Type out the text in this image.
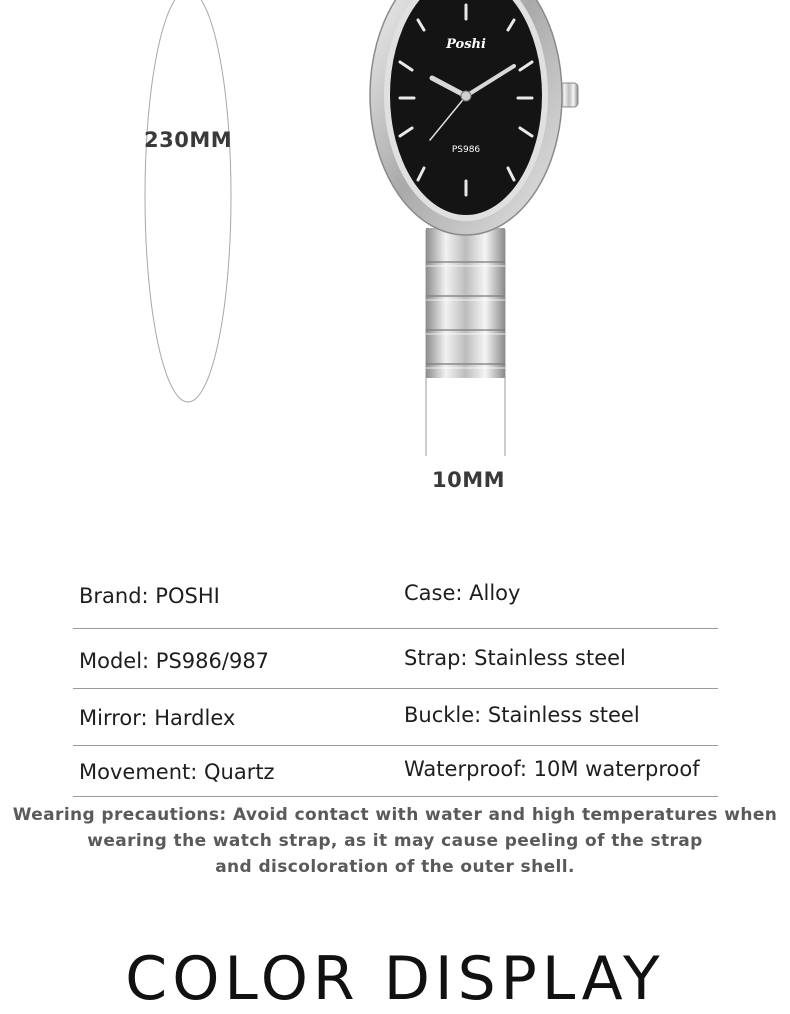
230MM
Poshi
PS986
10MM
Brand: POSHI	Case: Alloy
Model: PS986/987	Strap: Stainless steel
Mirror: Hardlex	Buckle: Stainless steel
Movement: Quartz	Waterproof: 10M waterproof
Wearing precautions: Avoid contact with water and high temperatures when
wearing the watch strap, as it may cause peeling of the strap
and discoloration of the outer shell.
COLOR DISPLAY
